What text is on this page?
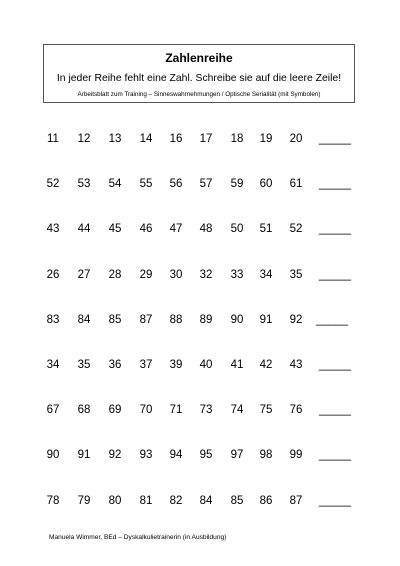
Zahlenreihe
In jeder Reihe fehlt eine Zahl. Schreibe sie auf die leere Zeile!
Arbeitsblatt zum Training – Sinneswahrnehmungen / Optische Serialität (mit Symbolen)
11	12	13	14	16	17	18	19	20	_____
52	53	54	55	56	57	59	60	61	_____
43	44	45	46	47	48	50	51	52	_____
26	27	28	29	30	32	33	34	35	_____
83	84	85	87	88	89	90	91	92	_____
34	35	36	37	39	40	41	42	43	_____
67	68	69	70	71	73	74	75	76	_____
90	91	92	93	94	95	97	98	99	_____
78	79	80	81	82	84	85	86	87	_____
Manuela Wimmer, BEd – Dyskalkulietrainerin (in Ausbildung)
